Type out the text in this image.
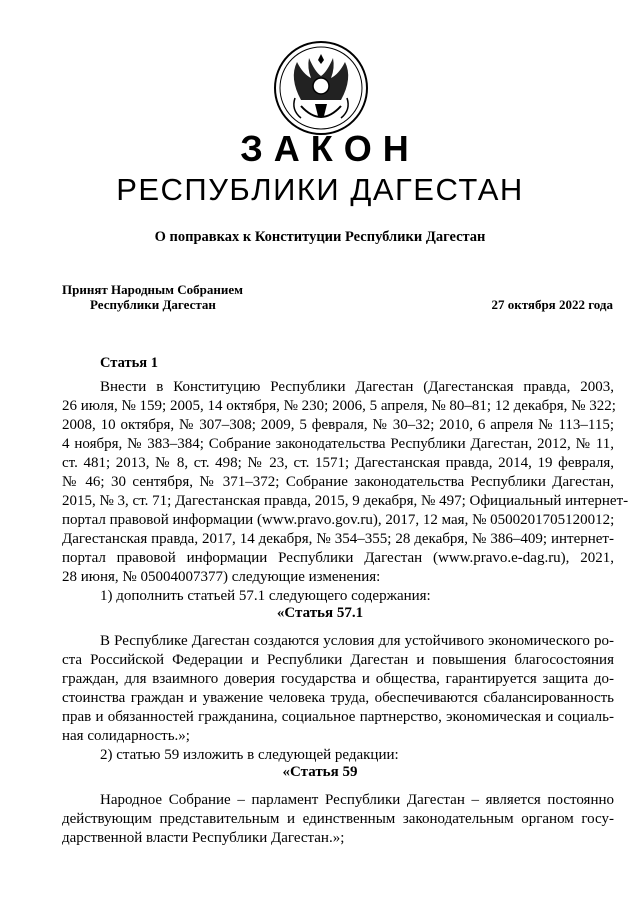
ЗАКОН
РЕСПУБЛИКИ ДАГЕСТАН
О поправках к Конституции Республики Дагестан
Принят Народным Собранием
Республики Дагестан	27 октября 2022 года
Статья 1
Внести в Конституцию Республики Дагестан (Дагестанская правда, 2003,
26 июля, № 159; 2005, 14 октября, № 230; 2006, 5 апреля, № 80–81; 12 декабря, № 322;
2008, 10 октября, № 307–308; 2009, 5 февраля, № 30–32; 2010, 6 апреля № 113–115;
4 ноября, № 383–384; Собрание законодательства Республики Дагестан, 2012, № 11,
ст. 481; 2013, № 8, ст. 498; № 23, ст. 1571; Дагестанская правда, 2014, 19 февраля,
№ 46; 30 сентября, № 371–372; Собрание законодательства Республики Дагестан,
2015, № 3, ст. 71; Дагестанская правда, 2015, 9 декабря, № 497; Официальный интернет-
портал правовой информации (www.pravo.gov.ru), 2017, 12 мая, № 0500201705120012;
Дагестанская правда, 2017, 14 декабря, № 354–355; 28 декабря, № 386–409; интернет-
портал правовой информации Республики Дагестан (www.pravo.e-dag.ru), 2021,
28 июня, № 05004007377) следующие изменения:
1) дополнить статьей 57.1 следующего содержания:
«Статья 57.1
В Республике Дагестан создаются условия для устойчивого экономического ро-
ста Российской Федерации и Республики Дагестан и повышения благосостояния
граждан, для взаимного доверия государства и общества, гарантируется защита до-
стоинства граждан и уважение человека труда, обеспечиваются сбалансированность
прав и обязанностей гражданина, социальное партнерство, экономическая и социаль-
ная солидарность.»;
2) статью 59 изложить в следующей редакции:
«Статья 59
Народное Собрание – парламент Республики Дагестан – является постоянно
действующим представительным и единственным законодательным органом госу-
дарственной власти Республики Дагестан.»;
